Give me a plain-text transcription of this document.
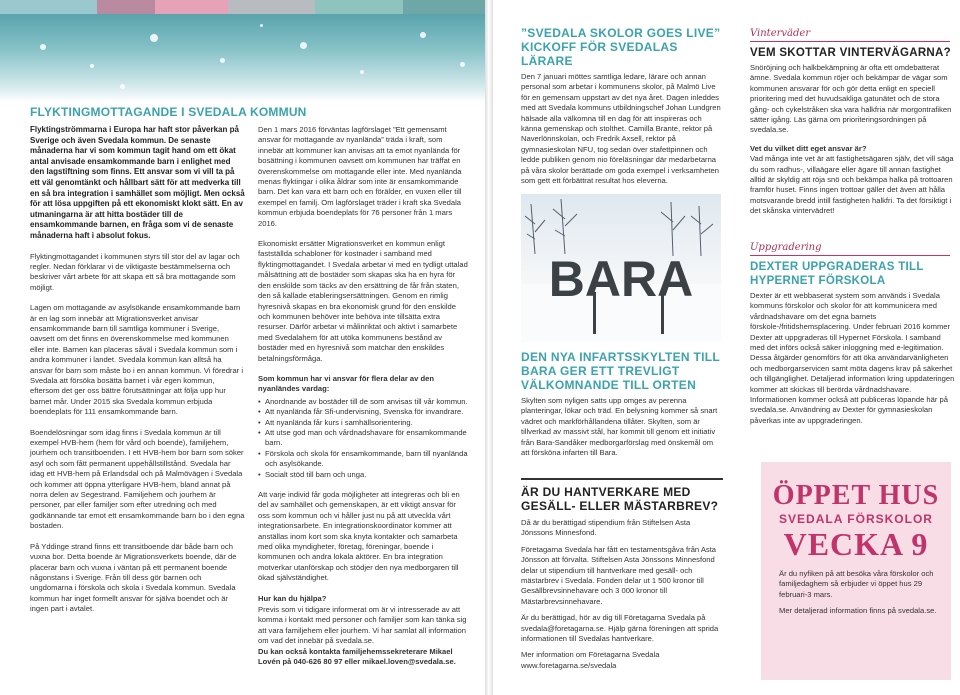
FLYKTINGMOTTAGANDE I SVEDALA KOMMUN

Flyktingströmmarna i Europa har haft stor påverkan på Sverige och även Svedala kommun. De senaste månaderna har vi som kommun tagit hand om ett ökat antal anvisade ensamkommande barn i enlighet med den lagstiftning som finns. Ett ansvar som vi vill ta på ett väl genomtänkt och hållbart sätt för att medverka till en så bra integration i samhället som möjligt. Men också för att lösa uppgiften på ett ekonomiskt klokt sätt. En av utmaningarna är att hitta bostäder till de ensamkommande barnen, en fråga som vi de senaste månaderna haft i absolut fokus.

Flyktingmottagandet i kommunen styrs till stor del av lagar och regler. Nedan förklarar vi de viktigaste bestämmelserna och beskriver vårt arbete för att skapa ett så bra mottagande som möjligt.

Lagen om mottagande av asylsökande ensamkommande barn är en lag som innebär att Migrationsverket anvisar ensamkommande barn till samtliga kommuner i Sverige, oavsett om det finns en överenskommelse med kommunen eller inte. Barnen kan placeras såväl i Svedala kommun som i andra kommuner i landet. Svedala kommun kan alltså ha ansvar för barn som måste bo i en annan kommun. Vi föredrar i Svedala att försöka bosätta barnet i vår egen kommun, eftersom det ger oss bättre förutsättningar att följa upp hur barnet mår. Under 2015 ska Svedala kommun erbjuda boendeplats för 111 ensamkommande barn.

Boendelösningar som idag finns i Svedala kommun är till exempel HVB-hem (hem för vård och boende), familjehem, jourhem och transitboenden. I ett HVB-hem bor barn som söker asyl och som fått permanent uppehållstillstånd. Svedala har idag ett HVB-hem på Erlandsdal och på Malmövägen i Svedala och kommer att öppna ytterligare HVB-hem, bland annat på norra delen av Segestrand. Familjehem och jourhem är personer, par eller familjer som efter utredning och med godkännande tar emot ett ensamkommande barn bo i den egna bostaden.

På Yddinge strand finns ett transitboende där både barn och vuxna bor. Detta boende är Migrationsverkets boende, där de placerar barn och vuxna i väntan på ett permanent boende någonstans i Sverige. Från till dess gör barnen och ungdomarna i förskola och skola i Svedala kommun. Svedala kommun har inget formellt ansvar för själva boendet och är ingen part i avtalet.

Den 1 mars 2016 förväntas lagförslaget ”Ett gemensamt ansvar för mottagande av nyanlända” träda i kraft, som innebär att kommuner kan anvisas att ta emot nyanlända för bosättning i kommunen oavsett om kommunen har träffat en överenskommelse om mottagande eller inte. Med nyanlända menas flyktingar i olika åldrar som inte är ensamkommande barn. Det kan vara ett barn och en förälder, en vuxen eller till exempel en familj. Om lagförslaget träder i kraft ska Svedala kommun erbjuda boendeplats för 76 personer från 1 mars 2016.

Ekonomiskt ersätter Migrationsverket en kommun enligt fastställda schabloner för kostnader i samband med flyktingmottagandet. I Svedala arbetar vi med en tydligt uttalad målsättning att de bostäder som skapas ska ha en hyra för den enskilde som täcks av den ersättning de får från staten, den så kallade etableringsersättningen. Genom en rimlig hyresnivå skapas en bra ekonomisk grund för den enskilde och kommunen behöver inte behöva inte tillsätta extra resurser. Därför arbetar vi målinriktat och aktivt i samarbete med Svedalahem för att utöka kommunens bestånd av bostäder med en hyresnivå som matchar den enskildes betalningsförmåga.

Som kommun har vi ansvar för flera delar av den nyanländes vardag:

• Anordnande av bostäder till de som anvisas till vår kommun.
• Att nyanlända får Sfi-undervisning, Svenska för invandrare.
• Att nyanlända får kurs i samhällsorientering.
• Att utse god man och vårdnadshavare för ensamkommande barn.
• Förskola och skola för ensamkommande, barn till nyanlända och asylsökande.
• Socialt stöd till barn och unga.

Att varje individ får goda möjligheter att integreras och bli en del av samhället och gemenskapen, är ett viktigt ansvar för oss som kommun och vi håller just nu på att utveckla vårt integrationsarbete. En integrationskoordinator kommer att anställas inom kort som ska knyta kontakter och samarbeta med olika myndigheter, företag, föreningar, boende i kommunen och andra lokala aktörer. En bra integration motverkar utanförskap och stödjer den nya medborgaren till ökad självständighet.

Hur kan du hjälpa?

Previs som vi tidigare informerat om är vi intresserade av att komma i kontakt med personer och familjer som kan tänka sig att vara familjehem eller jourhem. Vi har samlat all information om vad det innebär på svedala.se.

Du kan också kontakta familjehemssekreterare Mikael Lovén på 040-626 80 97 eller mikael.loven@svedala.se.

”SVEDALA SKOLOR GOES LIVE” KICKOFF FÖR SVEDALAS LÄRARE

Den 7 januari möttes samtliga ledare, lärare och annan personal som arbetar i kommunens skolor, på Malmö Live för en gemensam uppstart av det nya året. Dagen inleddes med att Svedala kommuns utbildningschef Johan Lundgren hälsade alla välkomna till en dag för att inspireras och känna gemenskap och stolthet. Camilla Brante, rektor på Naverlönnskolan, och Fredrik Axsell, rektor på gymnasieskolan NFU, tog sedan över stafettpinnen och ledde publiken genom nio föreläsningar där medarbetarna på våra skolor berättade om goda exempel i verksamheten som gett ett förbättrat resultat hos eleverna.

BARA
DEN NYA INFARTSSKYLTEN TILL BARA GER ETT TREVLIGT VÄLKOMNANDE TILL ORTEN

Skylten som nyligen satts upp omges av perenna planteringar, lökar och träd. En belysning kommer så snart vädret och markförhållandena tillåter. Skylten, som är tillverkad av massivt stål, har kommit till genom ett initiativ från Bara-Sandåker medborgarförslag med önskemål om att försköna infarten till Bara.

ÄR DU HANTVERKARE MED GESÄLL- ELLER MÄSTARBREV?

Då är du berättigad stipendium från Stiftelsen Asta Jönssons Minnesfond.

Företagarna Svedala har fått en testamentsgåva från Asta Jönsson att förvalta. Stiftelsen Asta Jönssons Minnesfond delar ut stipendium till hantverkare med gesäll- och mästarbrev i Svedala. Fonden delar ut 1 500 kronor till Gesällbrevsinnehavare och 3 000 kronor till Mästarbrevsinnehavare.

Är du berättigad, hör av dig till Företagarna Svedala på svedala@foretagarna.se. Hjälp gärna föreningen att sprida informationen till Svedalas hantverkare.

Mer information om Företagarna Svedala

www.foretagarna.se/svedala

Vinterväder
VEM SKOTTAR VINTERVÄGARNA?

Snöröjning och halkbekämpning är ofta ett omdebatterat ämne. Svedala kommun röjer och bekämpar de vägar som kommunen ansvarar för och gör detta enligt en speciell prioritering med det huvudsakliga gatunätet och de stora gång- och cykelstråken ska vara halkfria när morgontrafiken sätter igång. Läs gärna om prioriteringsordningen på svedala.se.

Vet du vilket ditt eget ansvar är?

Vad många inte vet är att fastighetsägaren själv, det vill säga du som radhus-, villaägare eller ägare till annan fastighet alltid är skyldig att röja snö och bekämpa halka på trottoaren framför huset. Finns ingen trottoar gäller det även att hålla motsvarande bredd intill fastigheten halkfri. Ta det försiktigt i det skånska vintervädret!

Uppgradering
DEXTER UPPGRADERAS TILL HYPERNET FÖRSKOLA

Dexter är ett webbaserat system som används i Svedala kommuns förskolor och skolor för att kommunicera med vårdnadshavare om det egna barnets förskole-/fritidshemsplacering. Under februari 2016 kommer Dexter att uppgraderas till Hypernet Förskola. I samband med det införs också säker inloggning med e-legitimation. Dessa åtgärder genomförs för att öka användarvänligheten och medborgarservicen samt möta dagens krav på säkerhet och tillgänglighet. Detaljerad information kring uppdateringen kommer att skickas till berörda vårdnadshavare. Informationen kommer också att publiceras löpande här på svedala.se. Användning av Dexter för gymnasieskolan påverkas inte av uppgraderingen.

ÖPPET HUS
SVEDALA FÖRSKOLOR
VECKA 9

Är du nyfiken på att besöka våra förskolor och familjedaghem så erbjuder vi öppet hus 29 februari-3 mars.

Mer detaljerad information finns på svedala.se.
